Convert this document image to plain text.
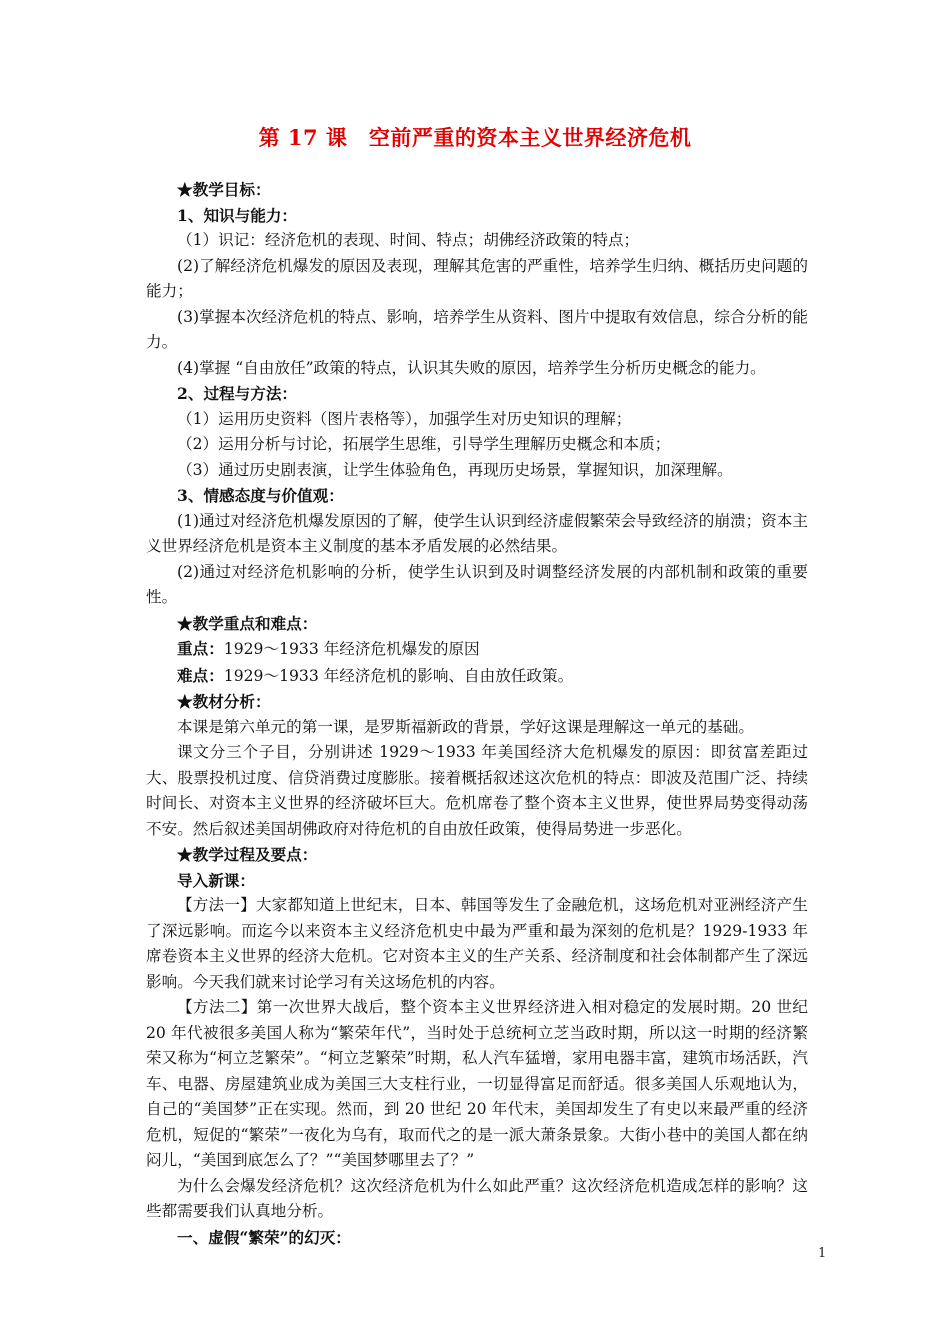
第 17 课　空前严重的资本主义世界经济危机

★教学目标：

1、知识与能力：

（1）识记：经济危机的表现、时间、特点；胡佛经济政策的特点；

(2)了解经济危机爆发的原因及表现，理解其危害的严重性，培养学生归纳、概括历史问题的能力；

(3)掌握本次经济危机的特点、影响，培养学生从资料、图片中提取有效信息，综合分析的能力。

(4)掌握 “自由放任”政策的特点，认识其失败的原因，培养学生分析历史概念的能力。

2、过程与方法：

（1）运用历史资料（图片表格等），加强学生对历史知识的理解；

（2）运用分析与讨论，拓展学生思维，引导学生理解历史概念和本质；

（3）通过历史剧表演，让学生体验角色，再现历史场景，掌握知识，加深理解。

3、情感态度与价值观：

(1)通过对经济危机爆发原因的了解，使学生认识到经济虚假繁荣会导致经济的崩溃；资本主义世界经济危机是资本主义制度的基本矛盾发展的必然结果。

(2)通过对经济危机影响的分析，使学生认识到及时调整经济发展的内部机制和政策的重要性。

★教学重点和难点：

重点：1929～1933 年经济危机爆发的原因

难点：1929～1933 年经济危机的影响、自由放任政策。

★教材分析：

本课是第六单元的第一课，是罗斯福新政的背景，学好这课是理解这一单元的基础。

课文分三个子目，分别讲述 1929～1933 年美国经济大危机爆发的原因：即贫富差距过大、股票投机过度、信贷消费过度膨胀。接着概括叙述这次危机的特点：即波及范围广泛、持续时间长、对资本主义世界的经济破坏巨大。危机席卷了整个资本主义世界，使世界局势变得动荡不安。然后叙述美国胡佛政府对待危机的自由放任政策，使得局势进一步恶化。

★教学过程及要点：

导入新课：

【方法一】大家都知道上世纪末，日本、韩国等发生了金融危机，这场危机对亚洲经济产生了深远影响。而迄今以来资本主义经济危机史中最为严重和最为深刻的危机是？1929-1933 年席卷资本主义世界的经济大危机。它对资本主义的生产关系、经济制度和社会体制都产生了深远影响。今天我们就来讨论学习有关这场危机的内容。

【方法二】第一次世界大战后，整个资本主义世界经济进入相对稳定的发展时期。20 世纪 20 年代被很多美国人称为“繁荣年代”，当时处于总统柯立芝当政时期，所以这一时期的经济繁荣又称为“柯立芝繁荣”。“柯立芝繁荣”时期，私人汽车猛增，家用电器丰富，建筑市场活跃，汽车、电器、房屋建筑业成为美国三大支柱行业，一切显得富足而舒适。很多美国人乐观地认为，自己的“美国梦”正在实现。然而，到 20 世纪 20 年代末，美国却发生了有史以来最严重的经济危机，短促的“繁荣”一夜化为乌有，取而代之的是一派大萧条景象。大街小巷中的美国人都在纳闷儿，“美国到底怎么了？”“美国梦哪里去了？”

为什么会爆发经济危机？这次经济危机为什么如此严重？这次经济危机造成怎样的影响？这些都需要我们认真地分析。

一、虚假“繁荣”的幻灭：

1
